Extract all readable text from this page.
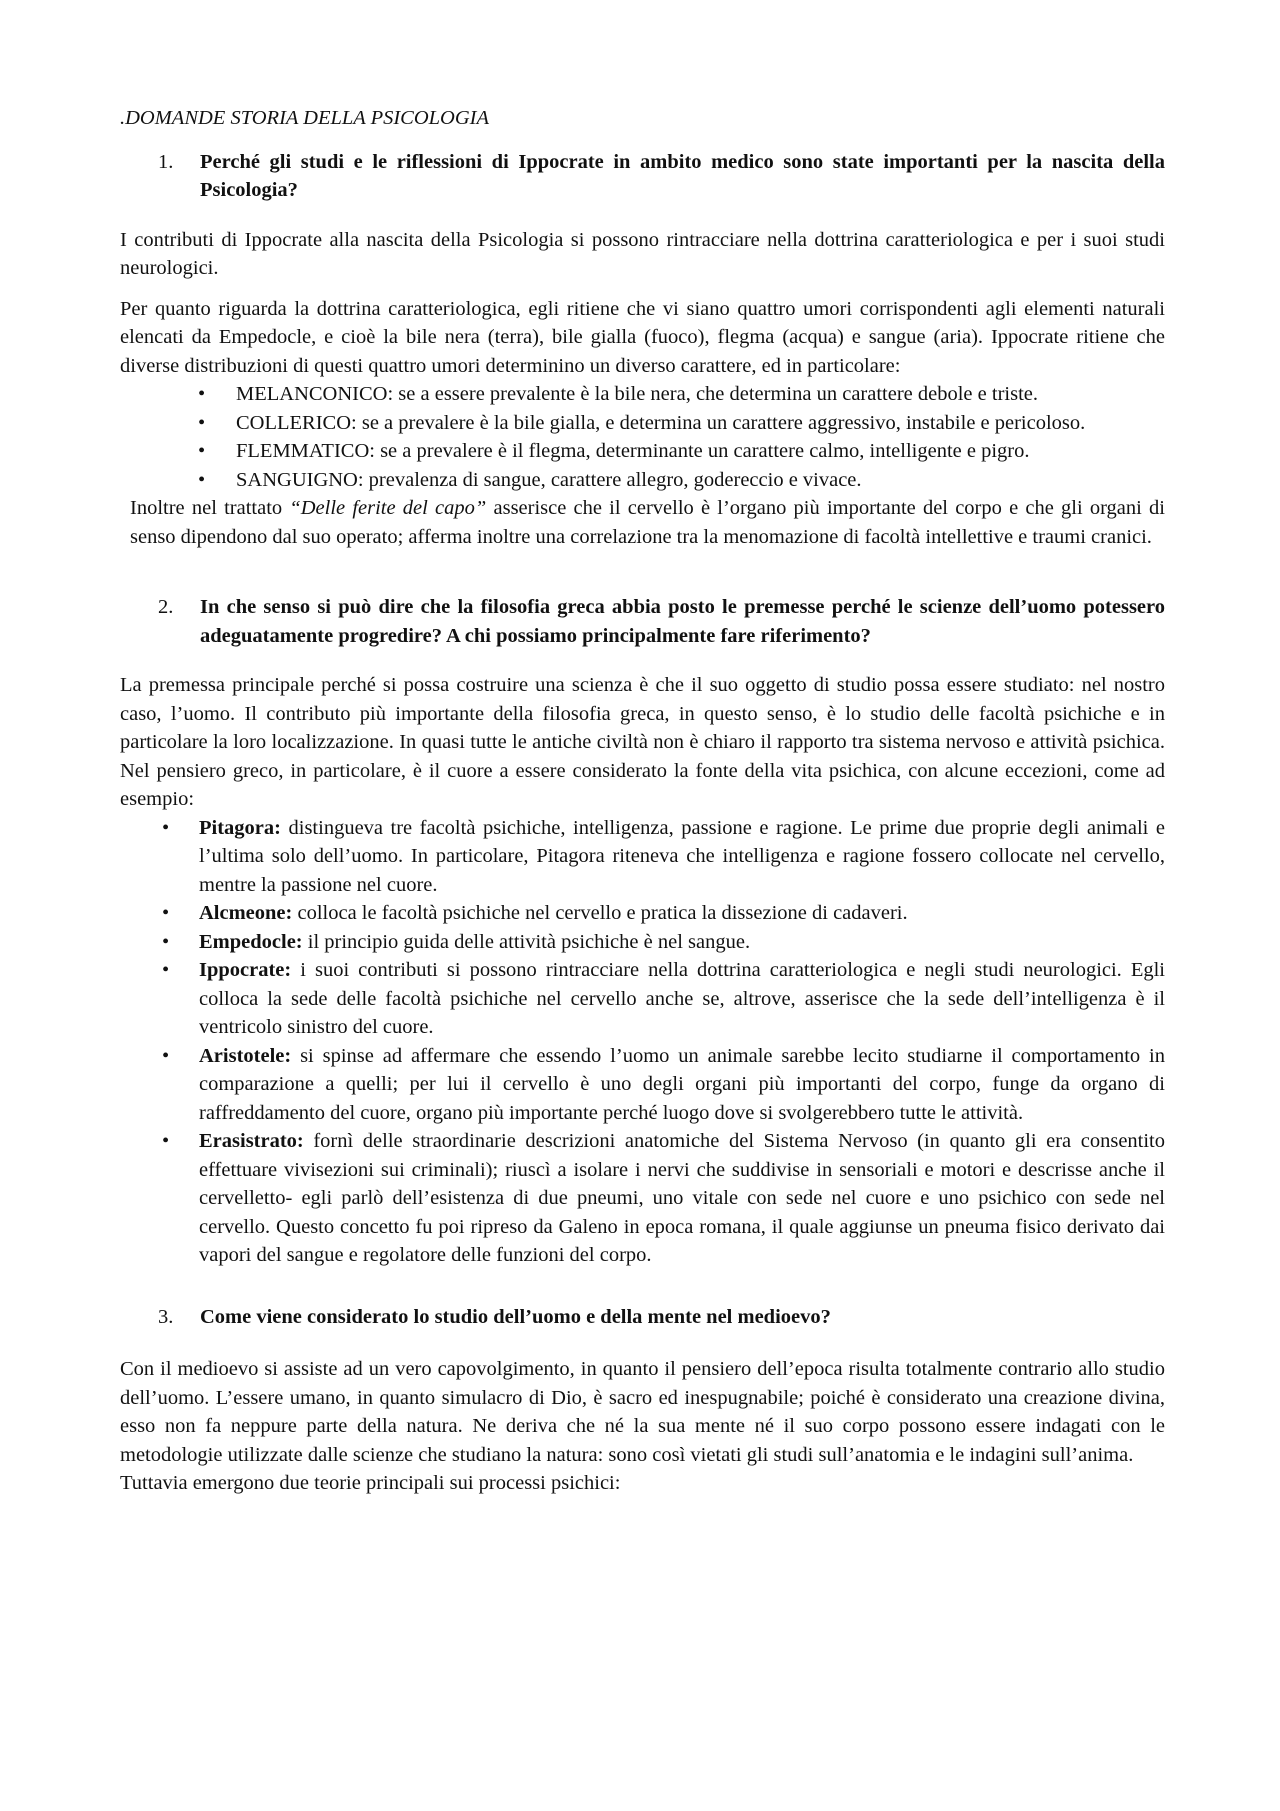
.DOMANDE STORIA DELLA PSICOLOGIA
1. Perché gli studi e le riflessioni di Ippocrate in ambito medico sono state importanti per la nascita della Psicologia?

I contributi di Ippocrate alla nascita della Psicologia si possono rintracciare nella dottrina caratteriologica e per i suoi studi neurologici.

Per quanto riguarda la dottrina caratteriologica, egli ritiene che vi siano quattro umori corrispondenti agli elementi naturali elencati da Empedocle, e cioè la bile nera (terra), bile gialla (fuoco), flegma (acqua) e sangue (aria). Ippocrate ritiene che diverse distribuzioni di questi quattro umori determinino un diverso carattere, ed in particolare:

• MELANCONICO: se a essere prevalente è la bile nera, che determina un carattere debole e triste.
• COLLERICO: se a prevalere è la bile gialla, e determina un carattere aggressivo, instabile e pericoloso.
• FLEMMATICO: se a prevalere è il flegma, determinante un carattere calmo, intelligente e pigro.
• SANGUIGNO: prevalenza di sangue, carattere allegro, godereccio e vivace.

Inoltre nel trattato “Delle ferite del capo” asserisce che il cervello è l’organo più importante del corpo e che gli organi di senso dipendono dal suo operato; afferma inoltre una correlazione tra la menomazione di facoltà intellettive e traumi cranici.

2. In che senso si può dire che la filosofia greca abbia posto le premesse perché le scienze dell’uomo potessero adeguatamente progredire? A chi possiamo principalmente fare riferimento?

La premessa principale perché si possa costruire una scienza è che il suo oggetto di studio possa essere studiato: nel nostro caso, l’uomo. Il contributo più importante della filosofia greca, in questo senso, è lo studio delle facoltà psichiche e in particolare la loro localizzazione. In quasi tutte le antiche civiltà non è chiaro il rapporto tra sistema nervoso e attività psichica. Nel pensiero greco, in particolare, è il cuore a essere considerato la fonte della vita psichica, con alcune eccezioni, come ad esempio:

• Pitagora: distingueva tre facoltà psichiche, intelligenza, passione e ragione. Le prime due proprie degli animali e l’ultima solo dell’uomo. In particolare, Pitagora riteneva che intelligenza e ragione fossero collocate nel cervello, mentre la passione nel cuore.
• Alcmeone: colloca le facoltà psichiche nel cervello e pratica la dissezione di cadaveri.
• Empedocle: il principio guida delle attività psichiche è nel sangue.
• Ippocrate: i suoi contributi si possono rintracciare nella dottrina caratteriologica e negli studi neurologici. Egli colloca la sede delle facoltà psichiche nel cervello anche se, altrove, asserisce che la sede dell’intelligenza è il ventricolo sinistro del cuore.
• Aristotele: si spinse ad affermare che essendo l’uomo un animale sarebbe lecito studiarne il comportamento in comparazione a quelli; per lui il cervello è uno degli organi più importanti del corpo, funge da organo di raffreddamento del cuore, organo più importante perché luogo dove si svolgerebbero tutte le attività.
• Erasistrato: fornì delle straordinarie descrizioni anatomiche del Sistema Nervoso (in quanto gli era consentito effettuare vivisezioni sui criminali); riuscì a isolare i nervi che suddivise in sensoriali e motori e descrisse anche il cervelletto- egli parlò dell’esistenza di due pneumi, uno vitale con sede nel cuore e uno psichico con sede nel cervello. Questo concetto fu poi ripreso da Galeno in epoca romana, il quale aggiunse un pneuma fisico derivato dai vapori del sangue e regolatore delle funzioni del corpo.
3. Come viene considerato lo studio dell’uomo e della mente nel medioevo?

Con il medioevo si assiste ad un vero capovolgimento, in quanto il pensiero dell’epoca risulta totalmente contrario allo studio dell’uomo. L’essere umano, in quanto simulacro di Dio, è sacro ed inespugnabile; poiché è considerato una creazione divina, esso non fa neppure parte della natura. Ne deriva che né la sua mente né il suo corpo possono essere indagati con le metodologie utilizzate dalle scienze che studiano la natura: sono così vietati gli studi sull’anatomia e le indagini sull’anima.

Tuttavia emergono due teorie principali sui processi psichici:
